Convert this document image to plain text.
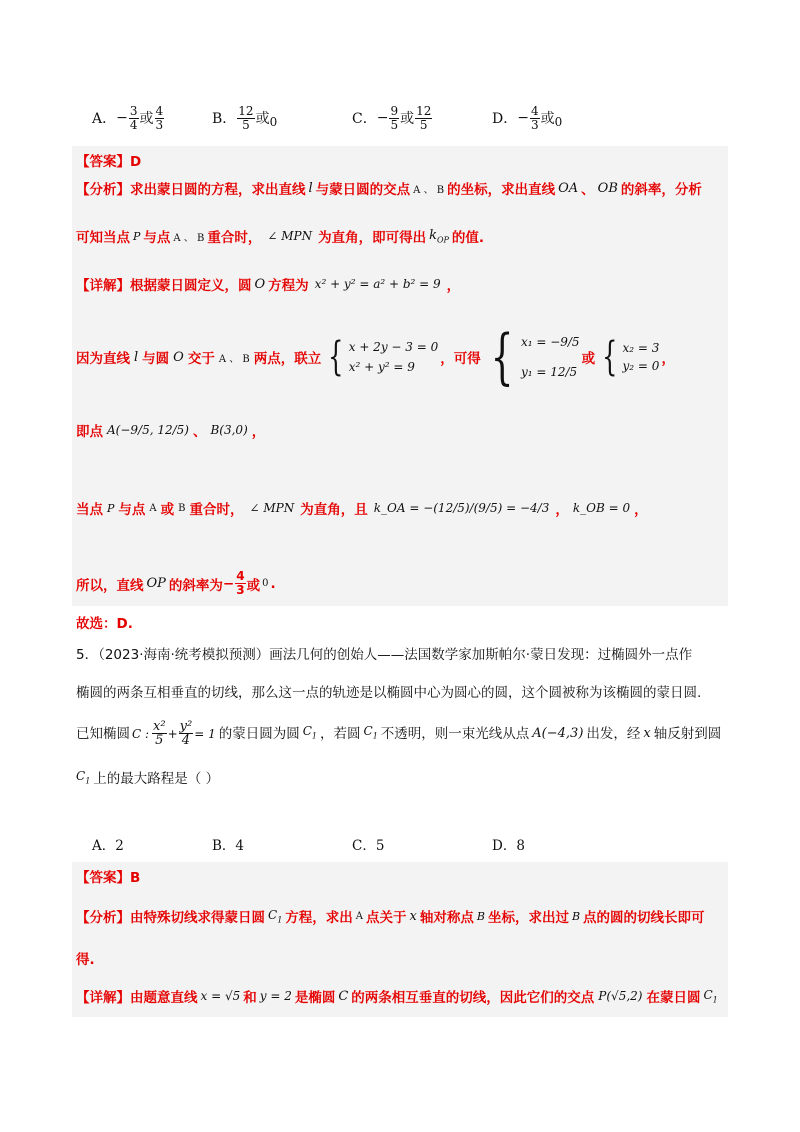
A． − $\frac{3}{4}$ 或 $\frac{4}{3}$	B． $\frac{12}{5}$ 或 0	C． − $\frac{9}{5}$ 或 $\frac{12}{5}$	D． − $\frac{4}{3}$ 或 0
【答案】D
【分析】求出蒙日圆的方程，求出直线 l 与蒙日圆的交点 A 、 B 的坐标，求出直线 OA 、 OB 的斜率，分析
可知当点 P 与点 A 、 B 重合时， ∠ MPN 为直角，即可得出 $k_{OP}$ 的值.
【详解】根据蒙日圆定义，圆 O 方程为 x² + y² = a² + b² = 9 ，
因为直线 l 与圆 O 交于 A 、 B 两点，联立 { x + 2y − 3 = 0
x² + y² = 9	，可得 { x₁ = −9/5
y₁ = 12/5
或 { x₂ = 3
y₂ = 0 ，
即点 A(−9/5, 12/5) 、 B(3,0) ，
当点 P 与点 A 或 B 重合时， ∠ MPN 为直角，且 k_OA = −(12/5)/(9/5) = −4/3 ， k_OB = 0 ，
所以，直线 OP 的斜率为 − $\frac{4}{3}$ 或 0 .
故选：D.
5．（2023·海南·统考模拟预测）画法几何的创始人——法国数学家加斯帕尔·蒙日发现：过椭圆外一点作
椭圆的两条互相垂直的切线，那么这一点的轨迹是以椭圆中心为圆心的圆，这个圆被称为该椭圆的蒙日圆.
已知椭圆 C : $\frac{\text{x²}}{5} + \frac{\text{y²}}{4} = 1$ 的蒙日圆为圆 $C_1$ ，若圆 $C_1$ 不透明，则一束光线从点 A(−4,3) 出发，经 x 轴反射到圆
$C_1$ 上的最大路程是（ ）
A．2	B．4	C．5	D．8
【答案】B
【分析】由特殊切线求得蒙日圆 $C_1$ 方程，求出 A 点关于 x 轴对称点 B 坐标，求出过 B 点的圆的切线长即可
得.
【详解】由题意直线 x = √5 和 y = 2 是椭圆 C 的两条相互垂直的切线，因此它们的交点 P(√5,2) 在蒙日圆 $C_1$
